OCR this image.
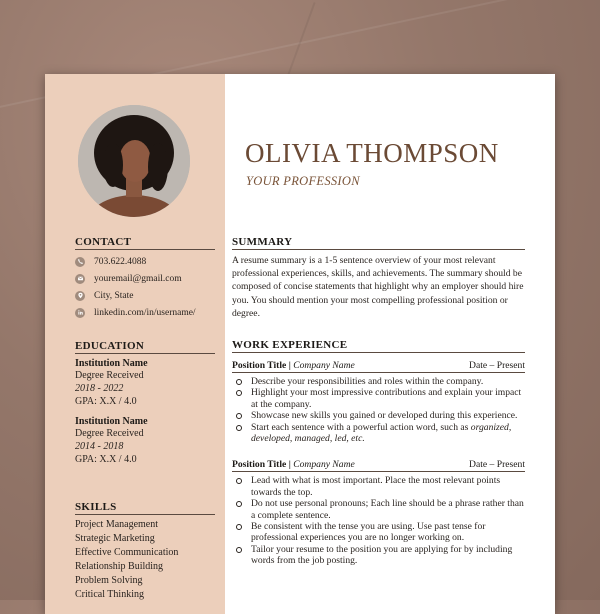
CONTACT
703.622.4088
youremail@gmail.com
City, State
linkedin.com/in/username/
EDUCATION
Institution Name
Degree Received
2018 - 2022
GPA: X.X / 4.0
Institution Name
Degree Received
2014 - 2018
GPA: X.X / 4.0
SKILLS
Project Management
Strategic Marketing
Effective Communication
Relationship Building
Problem Solving
Critical Thinking
OLIVIA THOMPSON
YOUR PROFESSION
SUMMARY
A resume summary is a 1-5 sentence overview of your most relevant professional experiences, skills, and achievements. The summary should be composed of concise statements that highlight why an employer should hire you. You should mention your most compelling professional position or degree.
WORK EXPERIENCE
Position Title | Company Name	Date – Present
Describe your responsibilities and roles within the company.
Highlight your most impressive contributions and explain your impact at the company.
Showcase new skills you gained or developed during this experience.
Start each sentence with a powerful action word, such as organized, developed, managed, led, etc.
Position Title | Company Name	Date – Present
Lead with what is most important. Place the most relevant points towards the top.
Do not use personal pronouns; Each line should be a phrase rather than a complete sentence.
Be consistent with the tense you are using. Use past tense for professional experiences you are no longer working on.
Tailor your resume to the position you are applying for by including words from the job posting.
